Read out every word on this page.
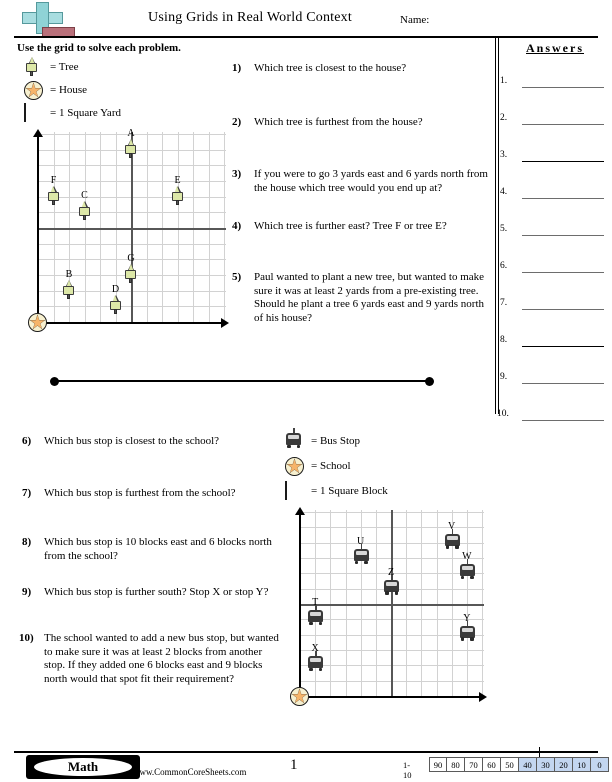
Using Grids in Real World Context	Name:
Answers
1.
2.
3.
4.
5.
6.
7.
8.
9.
10.
Use the grid to solve each problem.
= Tree
= House
= 1 Square Yard
A
F	E
C
G
B
D
1) Which tree is closest to the house?
2) Which tree is furthest from the house?
3) If you were to go 3 yards east and 6 yards north from the house which tree would you end up at?
4) Which tree is further east? Tree F or tree E?
5) Paul wanted to plant a new tree, but wanted to make sure it was at least 2 yards from a pre-existing tree. Should he plant a tree 6 yards east and 9 yards north of his house?
6) Which bus stop is closest to the school?
7) Which bus stop is furthest from the school?
8) Which bus stop is 10 blocks east and 6 blocks north from the school?
9) Which bus stop is further south? Stop X or stop Y?
10) The school wanted to add a new bus stop, but wanted to make sure it was at least 2 blocks from another stop. If they added one 6 blocks east and 9 blocks north would that spot fit their requirement?
= Bus Stop
= School
= 1 Square Block
V
U
W
Z
T
Y
X
Math	www.CommonCoreSheets.com	1	1-10
90	80	70	60	50	40	30	20	10	0
